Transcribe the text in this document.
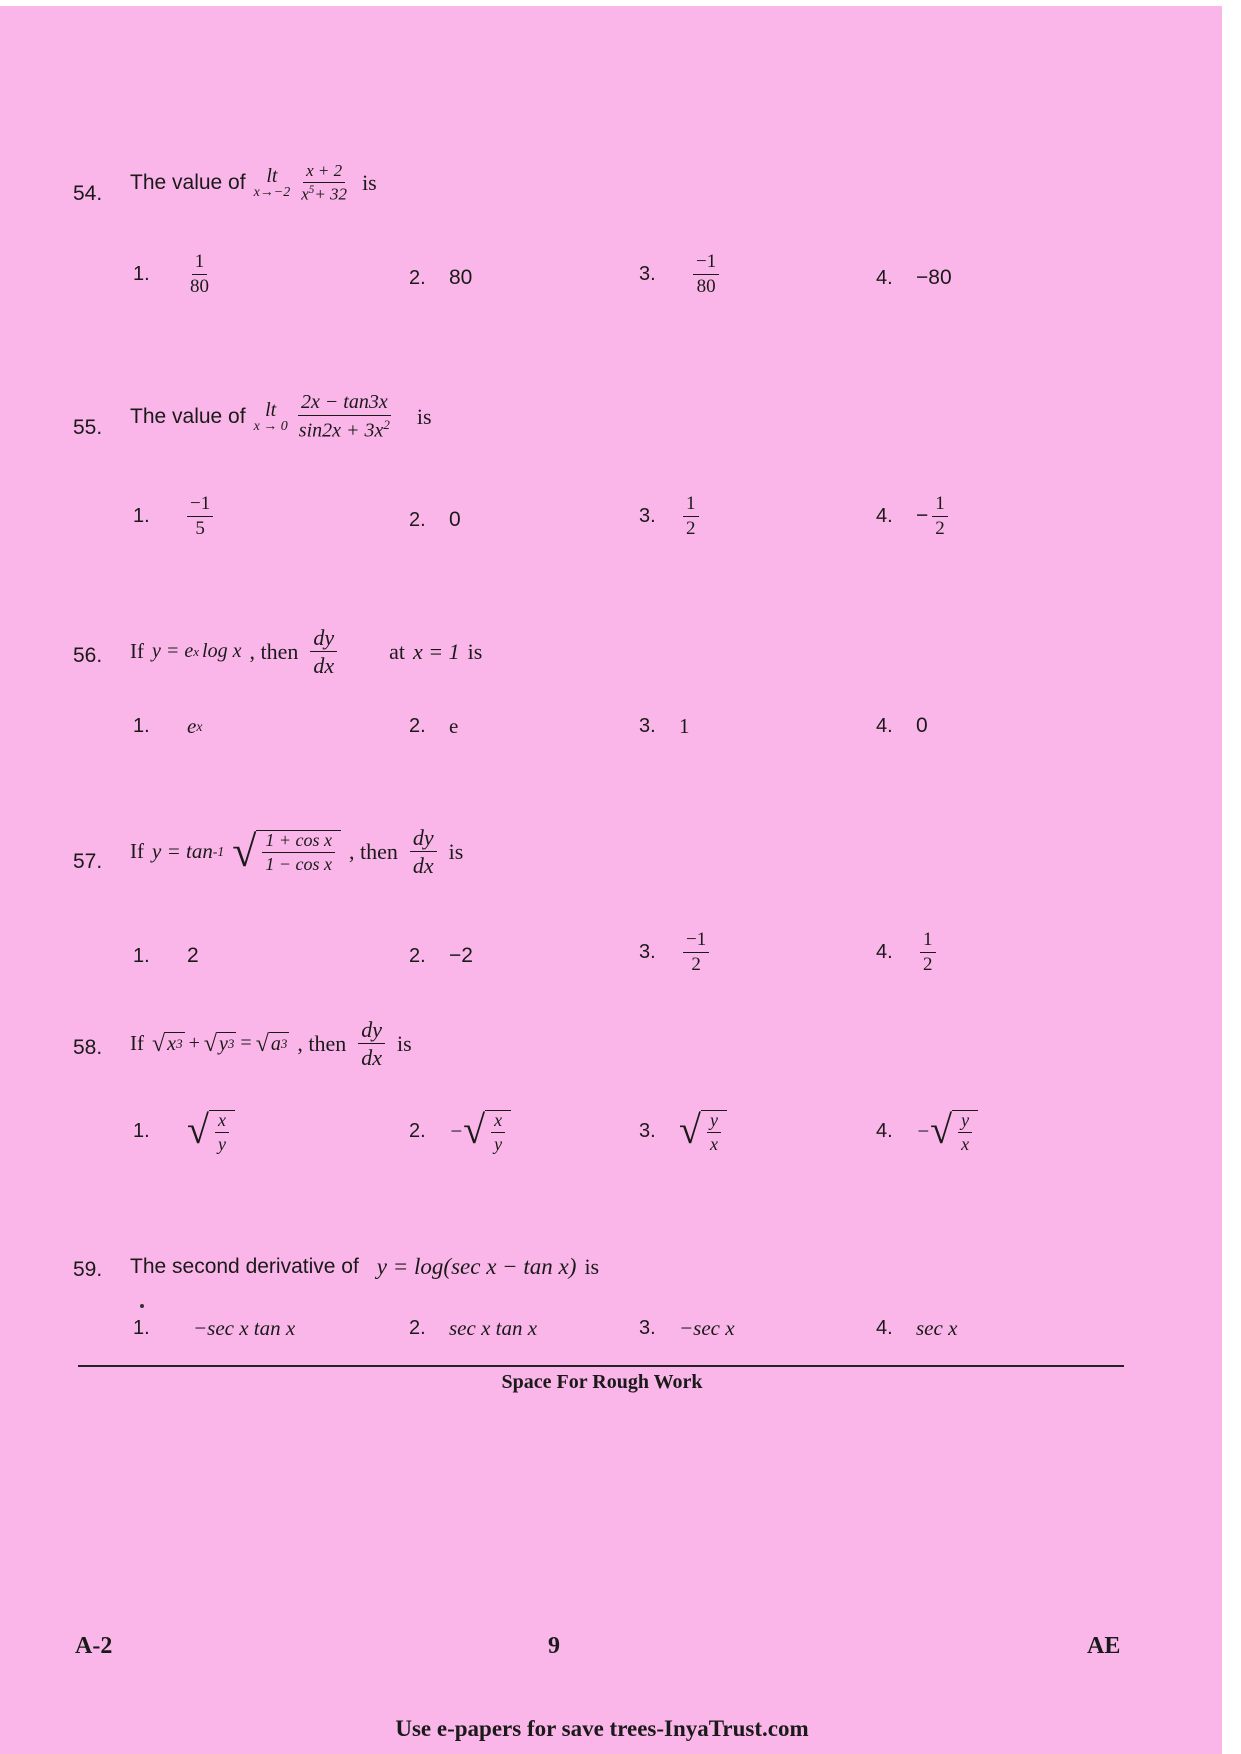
54. The value of lt
$x\to-2 \frac{x + 2}{x^5+ 32}$ is
1.	$\frac{1}{80}$	2.	80	3.	$\frac{-1}{80}$	4.	−80
55. The value of lt
$x \to 0 \frac{2x - \tan 3x}{\sin 2x + 3x^2}$ is
1.	$\frac{-1}{5}$	2.	0	3.	$\frac{1}{2}$	4.	− $\frac{1}{2}$
56. If y = e x log x , then $\frac{dy}{dx}$ at x = 1 is
1.	e x	2.	e	3.	1	4.	0
57. If y = tan -1 √ $\frac{\text{1 + cos x}}{\text{1 − cos x}}$ , then $\frac{dy}{dx}$ is
1.	2	2.	−2	3.	$\frac{-1}{2}$	4.	$\frac{1}{2}$
58. If √ x 3 + √ y 3 = √ a 3 , then $\frac{dy}{dx}$ is
1. √ $\frac{x}{y}$	2.	− √ $\frac{x}{y}$	3. √ $\frac{y}{x}$	4.	− √ $\frac{y}{x}$
59. The second derivative of y = log(sec x − tan x) is
1.	−sec x tan x	2.	sec x tan x	3.	−sec x	4.	sec x
Space For Rough Work
A-2	9	AE
Use e-papers for save trees-InyaTrust.com
